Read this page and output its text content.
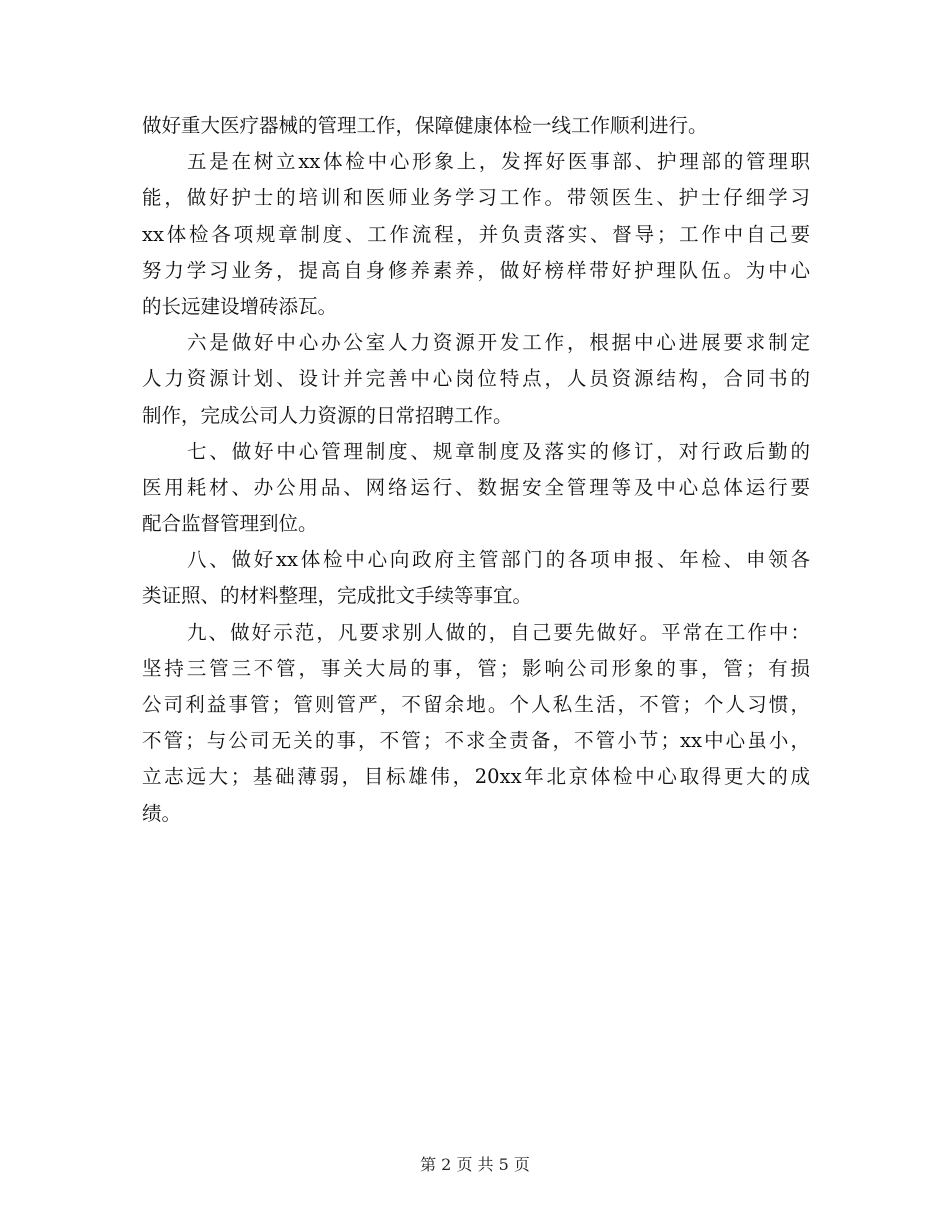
做好重大医疗器械的管理工作，保障健康体检一线工作顺利进行。
五是在树立xx体检中心形象上，发挥好医事部、护理部的管理职
能，做好护士的培训和医师业务学习工作。带领医生、护士仔细学习
xx体检各项规章制度、工作流程，并负责落实、督导；工作中自己要
努力学习业务，提高自身修养素养，做好榜样带好护理队伍。为中心
的长远建设增砖添瓦。
六是做好中心办公室人力资源开发工作，根据中心进展要求制定
人力资源计划、设计并完善中心岗位特点，人员资源结构，合同书的
制作，完成公司人力资源的日常招聘工作。
七、做好中心管理制度、规章制度及落实的修订，对行政后勤的
医用耗材、办公用品、网络运行、数据安全管理等及中心总体运行要
配合监督管理到位。
八、做好xx体检中心向政府主管部门的各项申报、年检、申领各
类证照、的材料整理，完成批文手续等事宜。
九、做好示范，凡要求别人做的，自己要先做好。平常在工作中：
坚持三管三不管，事关大局的事，管；影响公司形象的事，管；有损
公司利益事管；管则管严，不留余地。个人私生活，不管；个人习惯，
不管；与公司无关的事，不管；不求全责备，不管小节；xx中心虽小，
立志远大；基础薄弱，目标雄伟，20xx年北京体检中心取得更大的成
绩。
第 2 页 共 5 页
